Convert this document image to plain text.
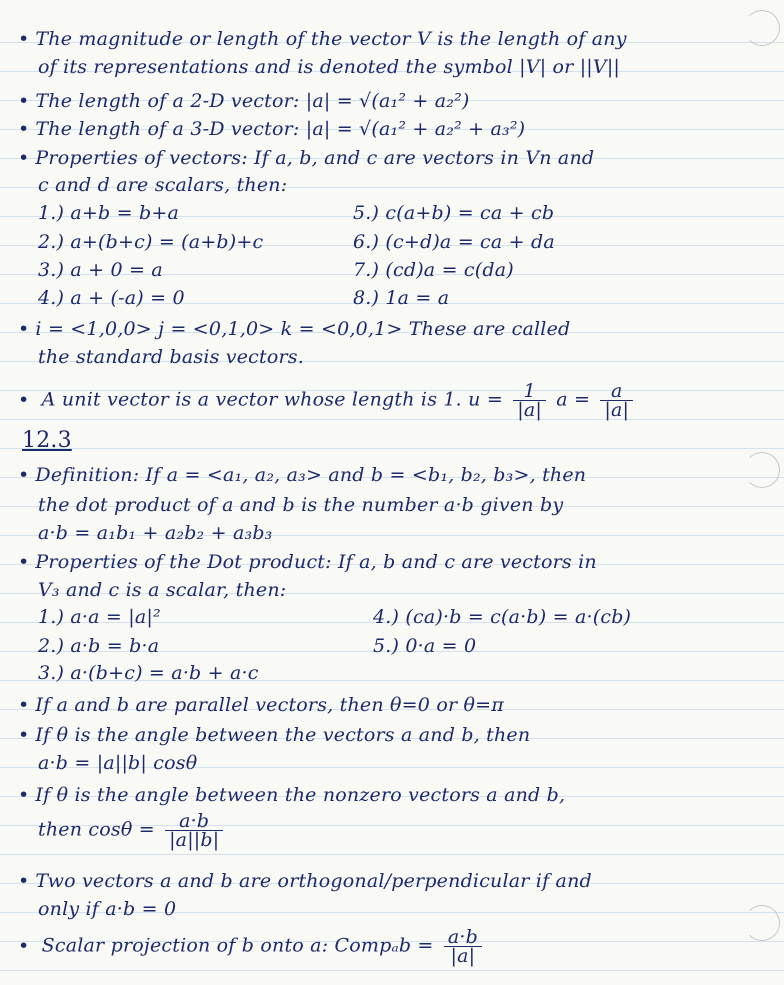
• The magnitude or length of the vector V is the length of any
of its representations and is denoted the symbol |V| or ||V||
• The length of a 2-D vector: |a| = √(a₁² + a₂²)
• The length of a 3-D vector: |a| = √(a₁² + a₂² + a₃²)
• Properties of vectors: If a, b, and c are vectors in Vn and
c and d are scalars, then:
1.) a+b = b+a	5.) c(a+b) = ca + cb
2.) a+(b+c) = (a+b)+c	6.) (c+d)a = ca + da
3.) a + 0 = a	7.) (cd)a = c(da)
4.) a + (-a) = 0	8.) 1a = a
• i = <1,0,0> j = <0,1,0> k = <0,0,1> These are called
the standard basis vectors.
• A unit vector is a vector whose length is 1. $u = \frac{1}{|a|}$ $a = \frac{a}{|a|}$
12.3
• Definition: If a = <a₁, a₂, a₃> and b = <b₁, b₂, b₃>, then
the dot product of a and b is the number a·b given by
a·b = a₁b₁ + a₂b₂ + a₃b₃
• Properties of the Dot product: If a, b and c are vectors in
V₃ and c is a scalar, then:
1.) a·a = |a|²	4.) (ca)·b = c(a·b) = a·(cb)
2.) a·b = b·a	5.) 0·a = 0
3.) a·(b+c) = a·b + a·c
• If a and b are parallel vectors, then θ=0 or θ=π
• If θ is the angle between the vectors a and b, then
a·b = |a||b| cosθ
• If θ is the angle between the nonzero vectors a and b,
then $\cos\theta = \frac{a\cdot b}{|a||b|}$
• Two vectors a and b are orthogonal/perpendicular if and
only if a·b = 0
• Scalar projection of b onto a: Compₐb = $\frac{a\cdot b}{|a|}$
